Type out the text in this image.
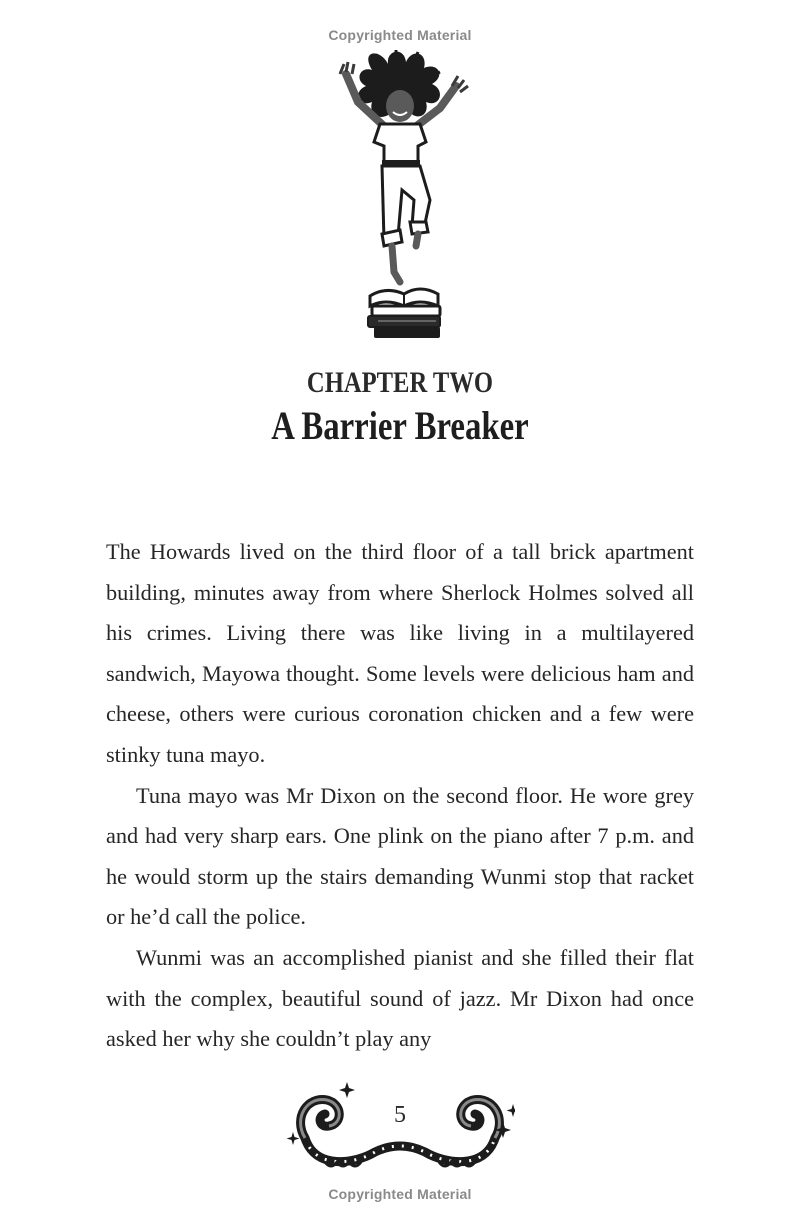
Copyrighted Material
CHAPTER TWO
A Barrier Breaker

The Howards lived on the third floor of a tall brick apartment building, minutes away from where Sherlock Holmes solved all his crimes. Living there was like living in a multilayered sandwich, Mayowa thought. Some levels were delicious ham and cheese, others were curious coronation chicken and a few were stinky tuna mayo.

Tuna mayo was Mr Dixon on the second floor. He wore grey and had very sharp ears. One plink on the piano after 7 p.m. and he would storm up the stairs demanding Wunmi stop that racket or he’d call the police.

Wunmi was an accomplished pianist and she filled their flat with the complex, beautiful sound of jazz. Mr Dixon had once asked her why she couldn’t play any

5
Copyrighted Material
